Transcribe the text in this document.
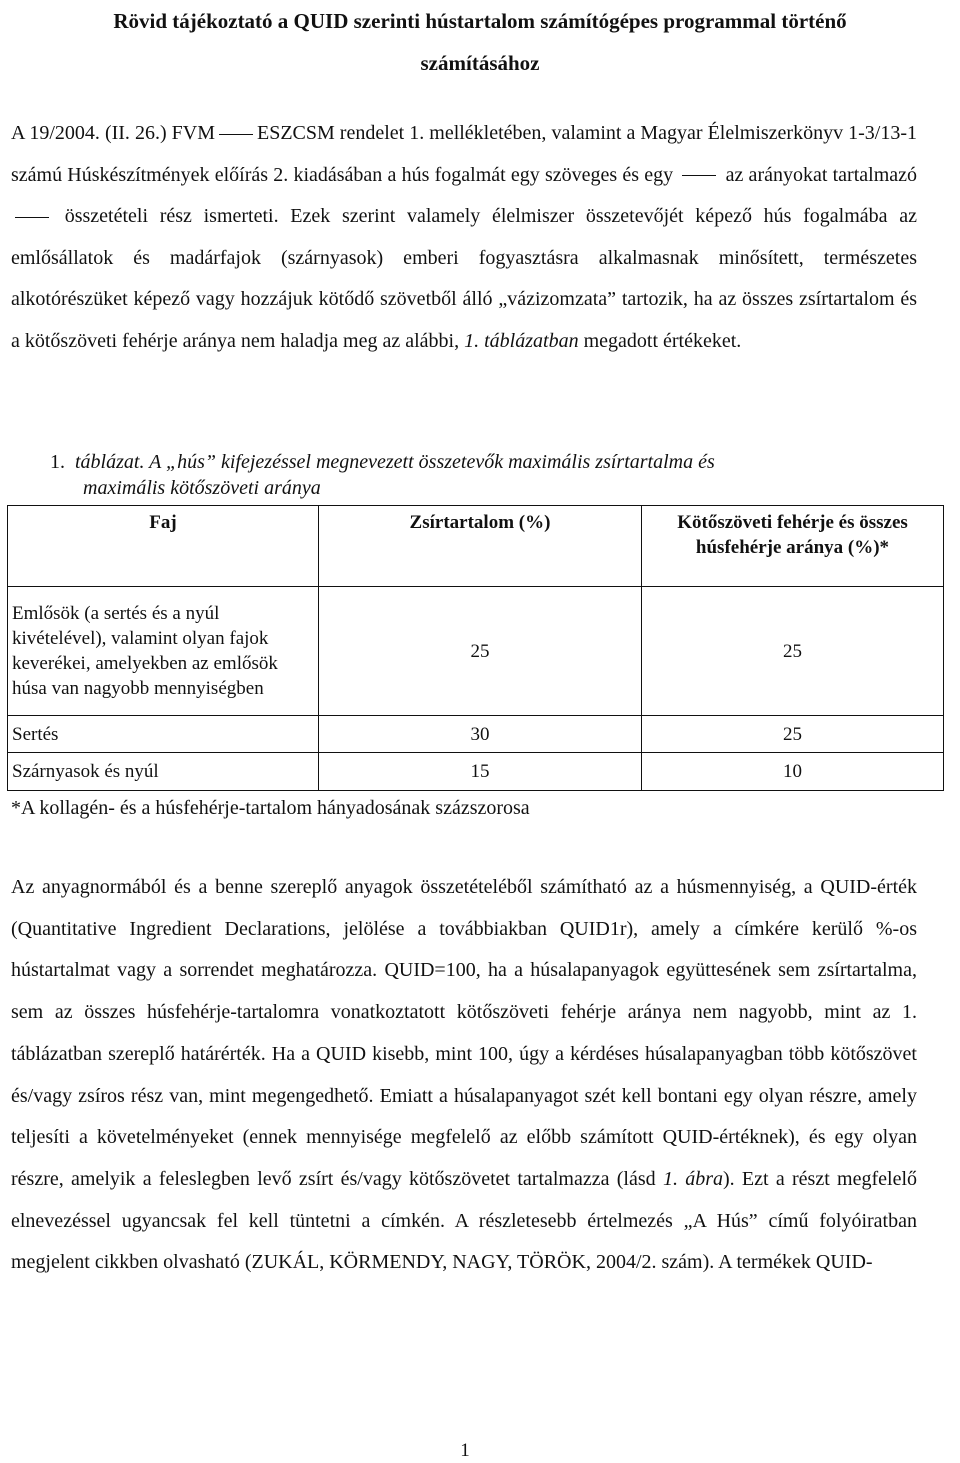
Rövid tájékoztató a QUID szerinti hústartalom számítógépes programmal történő
számításához
A 19/2004. (II. 26.) FVM ESZCSM rendelet 1. mellékletében, valamint a Magyar Élelmiszerkönyv 1-3/13-1 számú Húskészítmények előírás 2. kiadásában a hús fogalmát egy szöveges és egy	az arányokat tartalmazó  összetételi rész ismerteti. Ezek szerint valamely élelmiszer összetevőjét képező hús fogalmába az emlősállatok és madárfajok (szárnyasok) emberi fogyasztásra alkalmasnak minősített, természetes alkotórészüket képező vagy hozzájuk kötődő szövetből álló „vázizomzata” tartozik, ha az összes zsírtartalom és a kötőszöveti fehérje aránya nem haladja meg az alábbi, 1. táblázatban megadott értékeket.
1. táblázat. A „hús” kifejezéssel megnevezett összetevők maximális zsírtartalma és
maximális kötőszöveti aránya
Faj	Zsírtartalom (%)	Kötőszöveti fehérje és összes húsfehérje aránya (%)*
Emlősök (a sertés és a nyúl kivételével), valamint olyan fajok keverékei, amelyekben az emlősök húsa van nagyobb mennyiségben	25	25
Sertés	30	25
Szárnyasok és nyúl	15	10
*A kollagén- és a húsfehérje-tartalom hányadosának százszorosa
Az anyagnormából és a benne szereplő anyagok összetételéből számítható az a húsmennyiség, a QUID-érték (Quantitative Ingredient Declarations, jelölése a továbbiakban QUID1r), amely a címkére kerülő %-os hústartalmat vagy a sorrendet meghatározza. QUID=100, ha a húsalapanyagok együttesének sem zsírtartalma, sem az összes húsfehérje-tartalomra vonatkoztatott kötőszöveti fehérje aránya nem nagyobb, mint az 1. táblázatban szereplő határérték. Ha a QUID kisebb, mint 100, úgy a kérdéses húsalapanyagban több kötőszövet és/vagy zsíros rész van, mint megengedhető. Emiatt a húsalapanyagot szét kell bontani egy olyan részre, amely teljesíti a követelményeket (ennek mennyisége megfelelő az előbb számított QUID-értéknek), és egy olyan részre, amelyik a feleslegben levő zsírt és/vagy kötőszövetet tartalmazza (lásd 1. ábra). Ezt a részt megfelelő elnevezéssel ugyancsak fel kell tüntetni a címkén. A részletesebb értelmezés „A Hús” című folyóiratban megjelent cikkben olvasható (ZUKÁL, KÖRMENDY, NAGY, TÖRÖK, 2004/2. szám). A termékek QUID-
1
